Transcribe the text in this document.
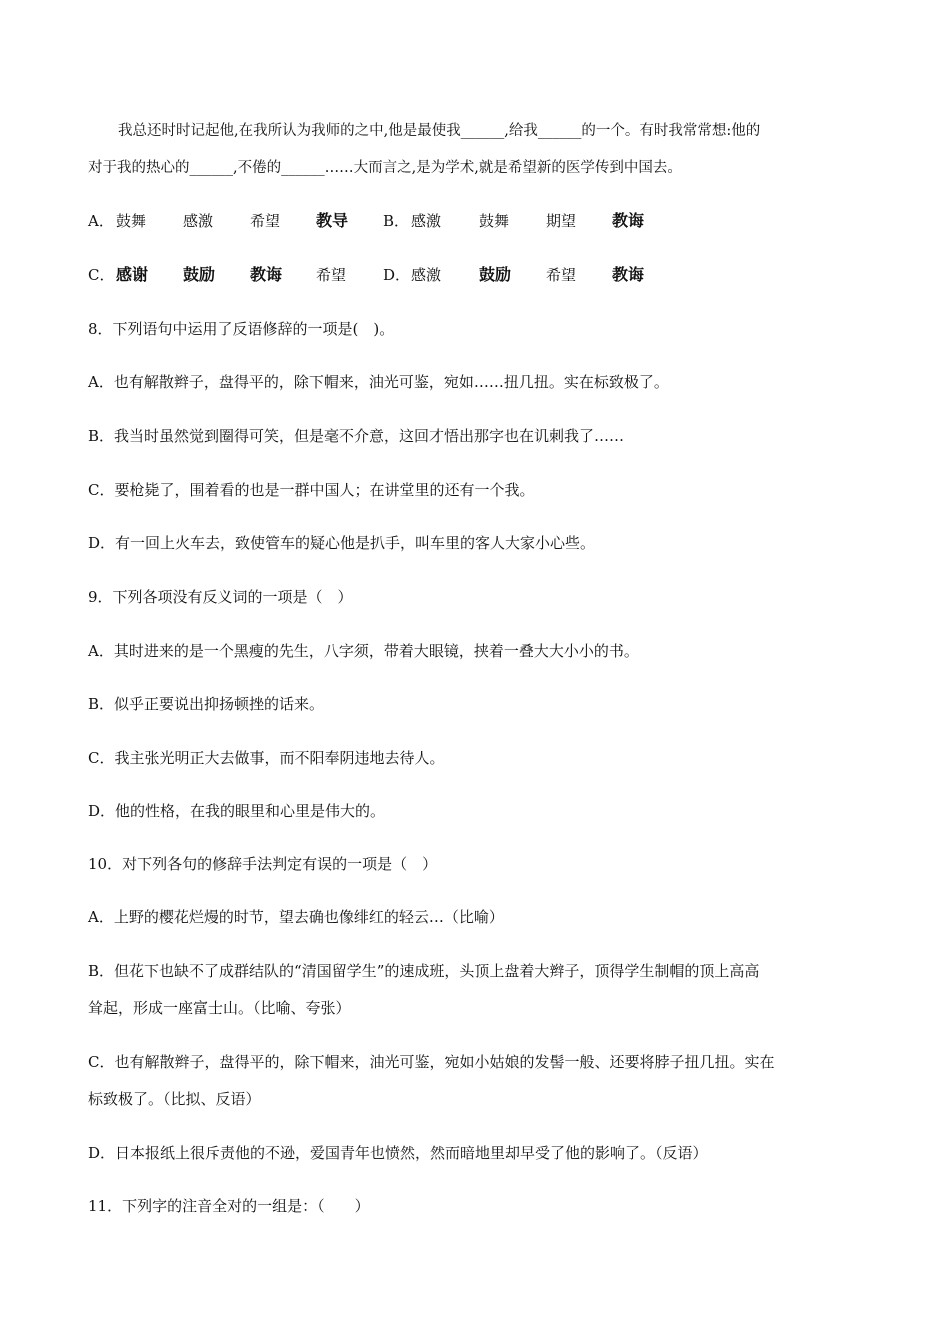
我总还时时记起他,在我所认为我师的之中,他是最使我______,给我______的一个。有时我常常想:他的
对于我的热心的______,不倦的______……大而言之,是为学术,就是希望新的医学传到中国去。
A． 鼓舞 感激 希望 教导 B． 感激	鼓舞 期望 教诲
C． 感谢 鼓励 教诲 希望 D． 感激 鼓励 希望 教诲
8．下列语句中运用了反语修辞的一项是(　)。
A．也有解散辫子，盘得平的，除下帽来，油光可鉴，宛如……扭几扭。实在标致极了。
B．我当时虽然觉到圈得可笑，但是毫不介意，这回才悟出那字也在讥刺我了……
C．要枪毙了，围着看的也是一群中国人；在讲堂里的还有一个我。
D．有一回上火车去，致使管车的疑心他是扒手，叫车里的客人大家小心些。
9．下列各项没有反义词的一项是（　）
A．其时进来的是一个黑瘦的先生，八字须，带着大眼镜，挟着一叠大大小小的书。
B．似乎正要说出抑扬顿挫的话来。
C．我主张光明正大去做事，而不阳奉阴违地去待人。
D．他的性格，在我的眼里和心里是伟大的。
10．对下列各句的修辞手法判定有误的一项是（　）
A．上野的樱花烂熳的时节，望去确也像绯红的轻云…（比喻）
B．但花下也缺不了成群结队的“清国留学生”的速成班，头顶上盘着大辫子，顶得学生制帽的顶上高高
耸起，形成一座富士山。（比喻、夸张）
C．也有解散辫子，盘得平的，除下帽来，油光可鉴，宛如小姑娘的发髻一般、还要将脖子扭几扭。实在
标致极了。（比拟、反语）
D．日本报纸上很斥责他的不逊，爱国青年也愤然，然而暗地里却早受了他的影响了。（反语）
11．下列字的注音全对的一组是：（　　）
